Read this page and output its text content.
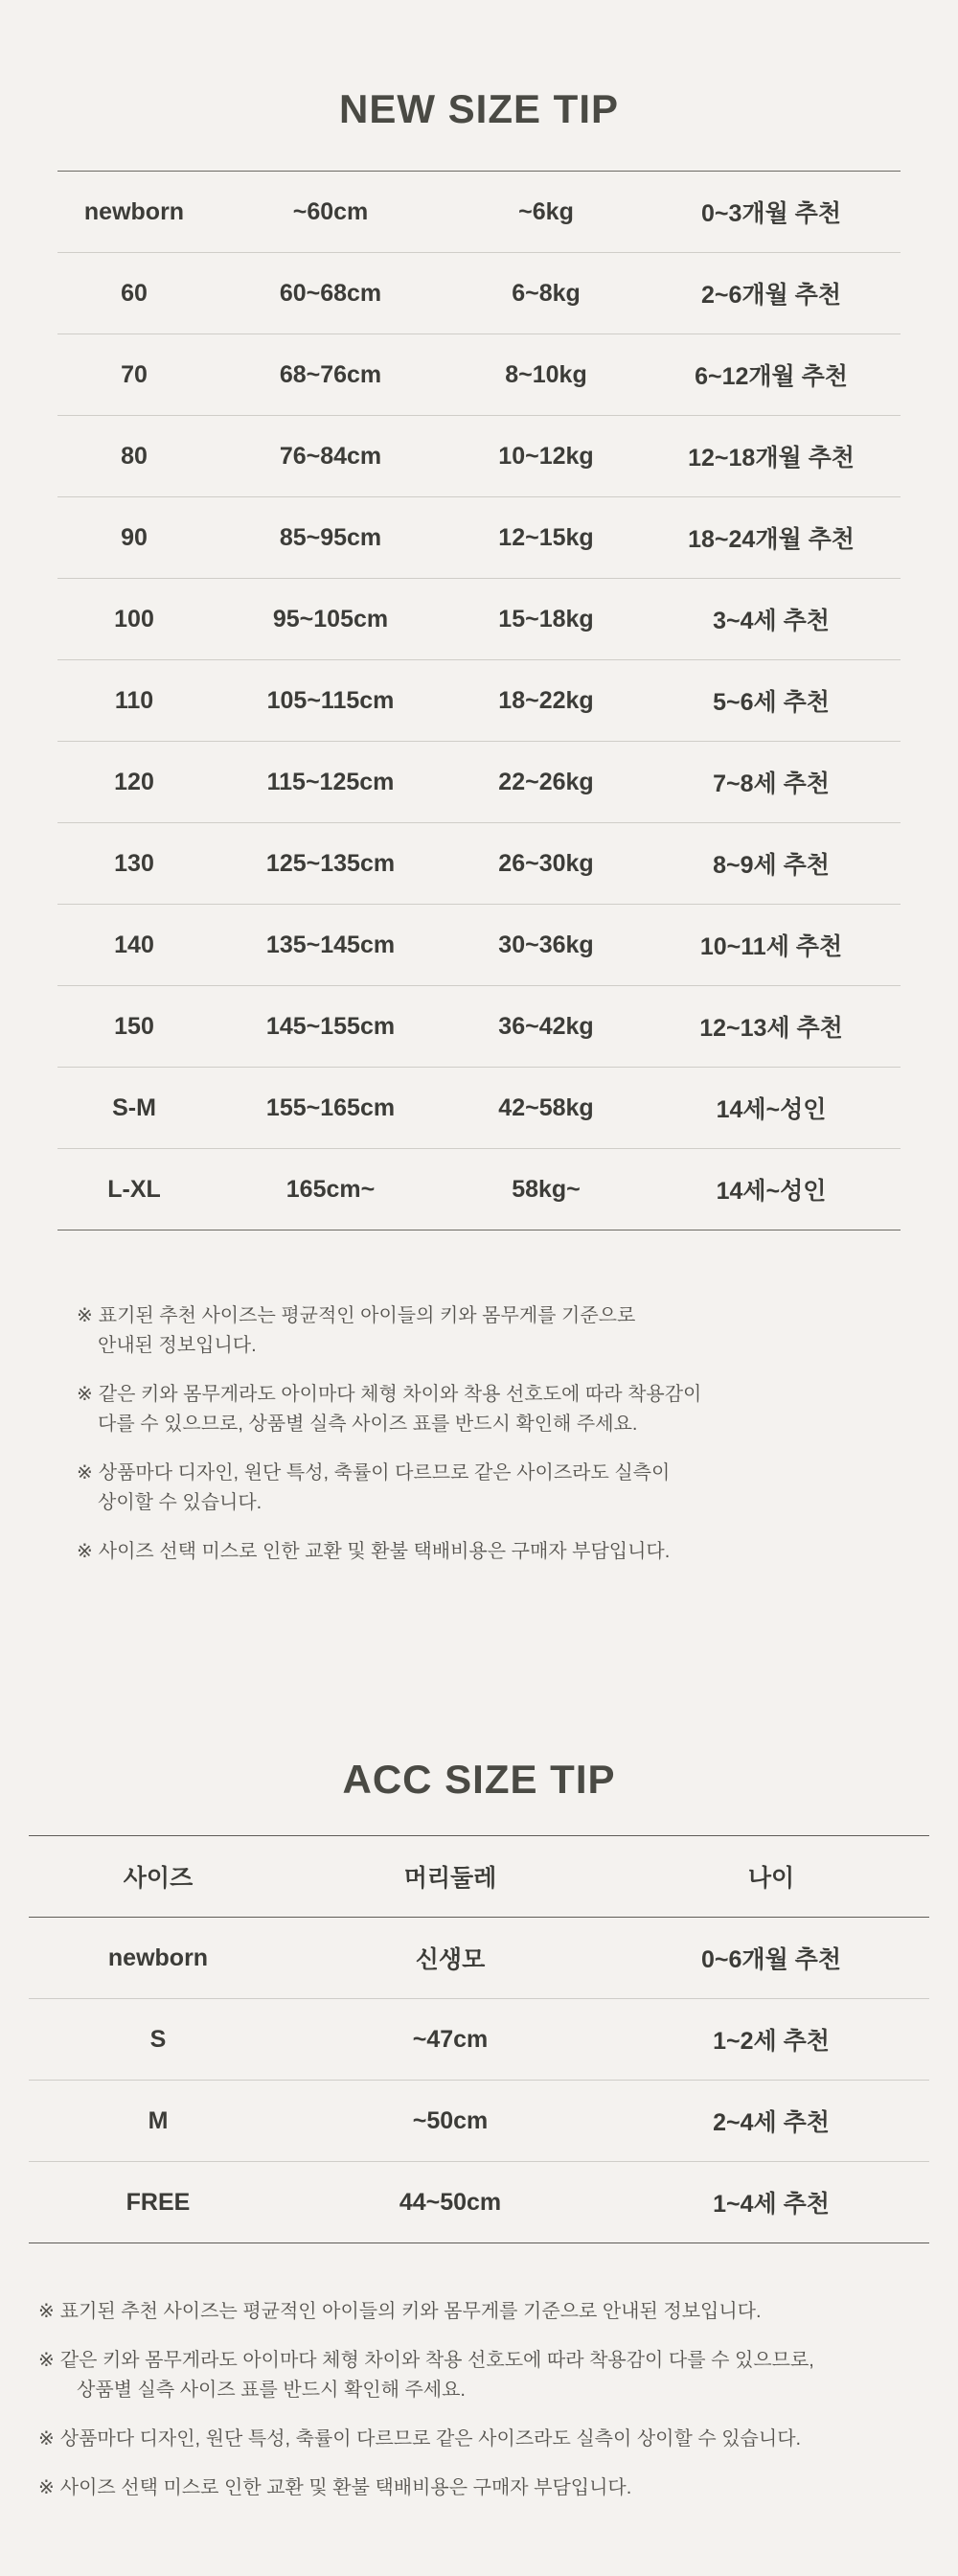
NEW SIZE TIP
newborn	~60cm	~6kg	0~3개월 추천
60	60~68cm	6~8kg	2~6개월 추천
70	68~76cm	8~10kg	6~12개월 추천
80	76~84cm	10~12kg	12~18개월 추천
90	85~95cm	12~15kg	18~24개월 추천
100	95~105cm	15~18kg	3~4세 추천
110	105~115cm	18~22kg	5~6세 추천
120	115~125cm	22~26kg	7~8세 추천
130	125~135cm	26~30kg	8~9세 추천
140	135~145cm	30~36kg	10~11세 추천
150	145~155cm	36~42kg	12~13세 추천
S-M	155~165cm	42~58kg	14세~성인
L-XL	165cm~	58kg~	14세~성인

※ 표기된 추천 사이즈는 평균적인 아이들의 키와 몸무게를 기준으로
안내된 정보입니다.

※ 같은 키와 몸무게라도 아이마다 체형 차이와 착용 선호도에 따라 착용감이
다를 수 있으므로, 상품별 실측 사이즈 표를 반드시 확인해 주세요.

※ 상품마다 디자인, 원단 특성, 축률이 다르므로 같은 사이즈라도 실측이
상이할 수 있습니다.

※ 사이즈 선택 미스로 인한 교환 및 환불 택배비용은 구매자 부담입니다.

ACC SIZE TIP
사이즈	머리둘레	나이
newborn	신생모	0~6개월 추천
S	~47cm	1~2세 추천
M	~50cm	2~4세 추천
FREE	44~50cm	1~4세 추천

※ 표기된 추천 사이즈는 평균적인 아이들의 키와 몸무게를 기준으로 안내된 정보입니다.

※ 같은 키와 몸무게라도 아이마다 체형 차이와 착용 선호도에 따라 착용감이 다를 수 있으므로,
상품별 실측 사이즈 표를 반드시 확인해 주세요.

※ 상품마다 디자인, 원단 특성, 축률이 다르므로 같은 사이즈라도 실측이 상이할 수 있습니다.

※ 사이즈 선택 미스로 인한 교환 및 환불 택배비용은 구매자 부담입니다.
